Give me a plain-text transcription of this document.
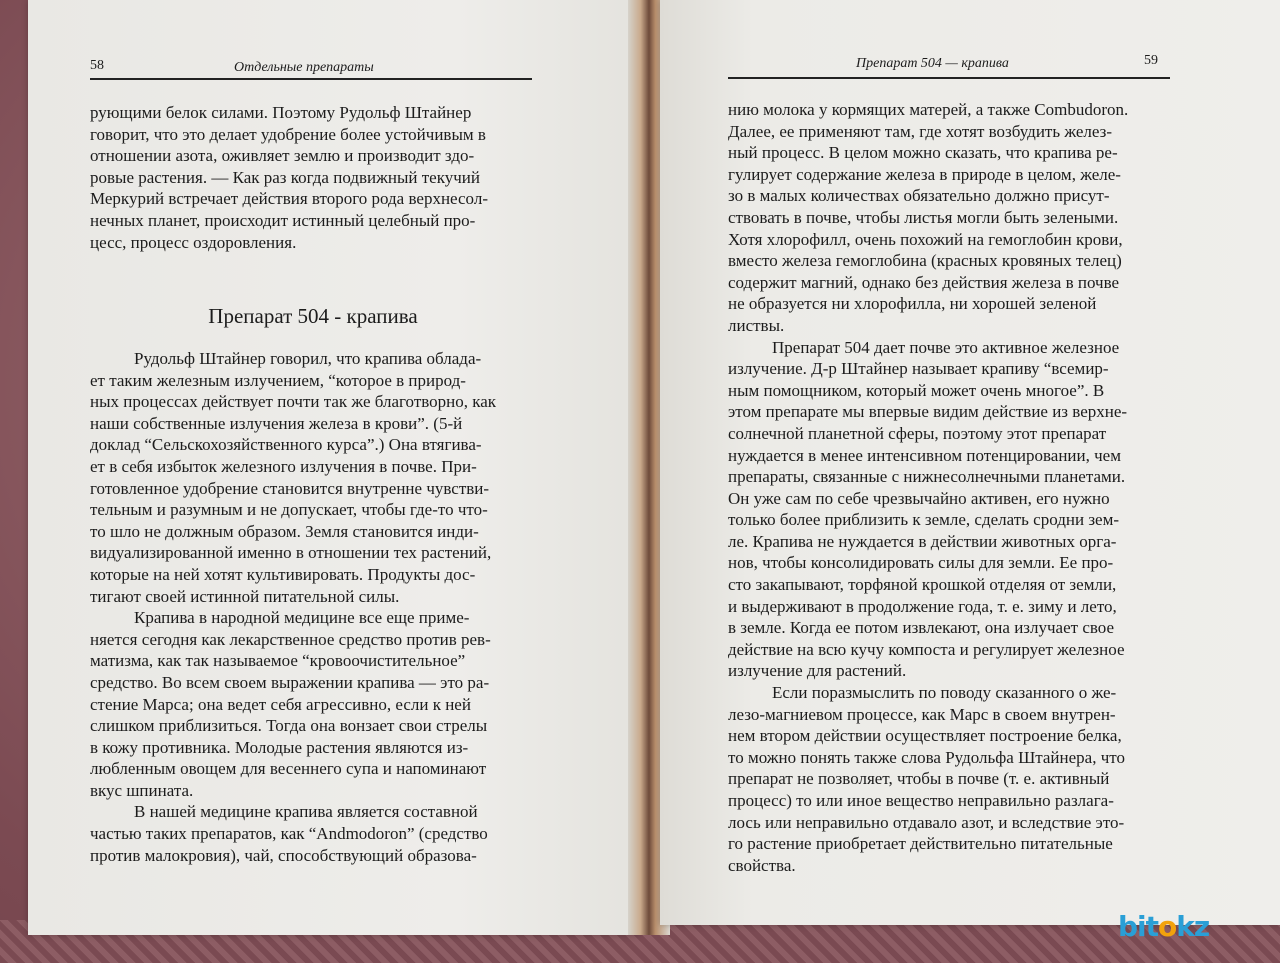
58	Отдельные препараты
рующими белок силами. Поэтому Рудольф Штайнер
говорит, что это делает удобрение более устойчивым в
отношении азота, оживляет землю и производит здо-
ровые растения. — Как раз когда подвижный текучий
Меркурий встречает действия второго рода верхнесол-
нечных планет, происходит истинный целебный про-
цесс, процесс оздоровления.
Препарат 504 - крапива
Рудольф Штайнер говорил, что крапива облада-
ет таким железным излучением, “которое в природ-
ных процессах действует почти так же благотворно, как
наши собственные излучения железа в крови”. (5-й
доклад “Сельскохозяйственного курса”.) Она втягива-
ет в себя избыток железного излучения в почве. При-
готовленное удобрение становится внутренне чувстви-
тельным и разумным и не допускает, чтобы где-то что-
то шло не должным образом. Земля становится инди-
видуализированной именно в отношении тех растений,
которые на ней хотят культивировать. Продукты дос-
тигают своей истинной питательной силы.
Крапива в народной медицине все еще приме-
няется сегодня как лекарственное средство против рев-
матизма, как так называемое “кровоочистительное”
средство. Во всем своем выражении крапива — это ра-
стение Марса; она ведет себя агрессивно, если к ней
слишком приблизиться. Тогда она вонзает свои стрелы
в кожу противника. Молодые растения являются из-
любленным овощем для весеннего супа и напоминают
вкус шпината.
В нашей медицине крапива является составной
частью таких препаратов, как “Andmodoron” (средство
против малокровия), чай, способствующий образова-
Препарат 504 — крапива	59
нию молока у кормящих матерей, а также Combudoron.
Далее, ее применяют там, где хотят возбудить желез-
ный процесс. В целом можно сказать, что крапива ре-
гулирует содержание железа в природе в целом, желе-
зо в малых количествах обязательно должно присут-
ствовать в почве, чтобы листья могли быть зелеными.
Хотя хлорофилл, очень похожий на гемоглобин крови,
вместо железа гемоглобина (красных кровяных телец)
содержит магний, однако без действия железа в почве
не образуется ни хлорофилла, ни хорошей зеленой
листвы.
Препарат 504 дает почве это активное железное
излучение. Д-р Штайнер называет крапиву “всемир-
ным помощником, который может очень многое”. В
этом препарате мы впервые видим действие из верхне-
солнечной планетной сферы, поэтому этот препарат
нуждается в менее интенсивном потенцировании, чем
препараты, связанные с нижнесолнечными планетами.
Он уже сам по себе чрезвычайно активен, его нужно
только более приблизить к земле, сделать сродни зем-
ле. Крапива не нуждается в действии животных орга-
нов, чтобы консолидировать силы для земли. Ее про-
сто закапывают, торфяной крошкой отделяя от земли,
и выдерживают в продолжение года, т. е. зиму и лето,
в земле. Когда ее потом извлекают, она излучает свое
действие на всю кучу компоста и регулирует железное
излучение для растений.
Если поразмыслить по поводу сказанного о же-
лезо-магниевом процессе, как Марс в своем внутрен-
нем втором действии осуществляет построение белка,
то можно понять также слова Рудольфа Штайнера, что
препарат не позволяет, чтобы в почве (т. е. активный
процесс) то или иное вещество неправильно разлага-
лось или неправильно отдавало азот, и вследствие это-
го растение приобретает действительно питательные
свойства.
bitokz
